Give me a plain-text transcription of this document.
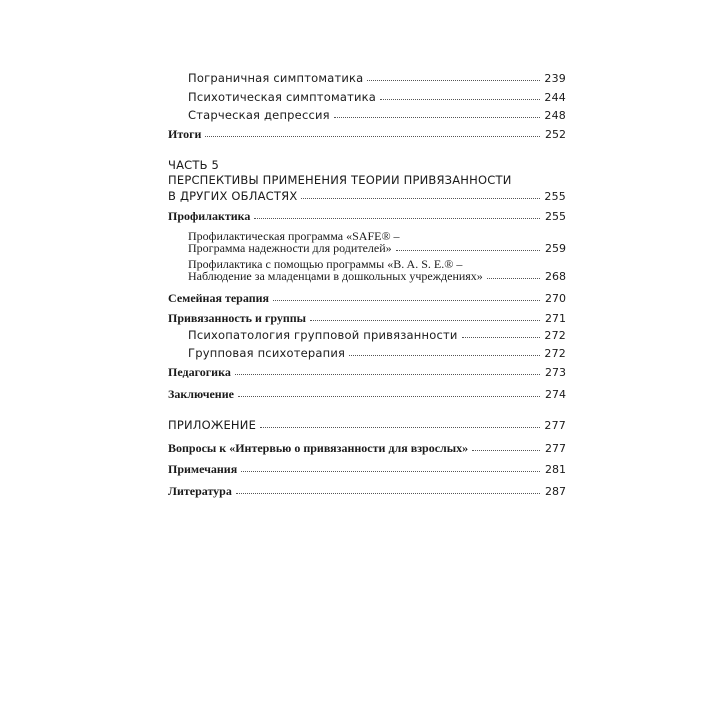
Пограничная симптоматика	239
Психотическая симптоматика	244
Старческая депрессия	248
Итоги	252
ЧАСТЬ 5
ПЕРСПЕКТИВЫ ПРИМЕНЕНИЯ ТЕОРИИ ПРИВЯЗАННОСТИ
В ДРУГИХ ОБЛАСТЯХ	255
Профилактика	255
Профилактическая программа «SAFE® –
Программа надежности для родителей»	259
Профилактика с помощью программы «B. A. S. E.® –
Наблюдение за младенцами в дошкольных учреждениях»	268
Семейная терапия	270
Привязанность и группы	271
Психопатология групповой привязанности	272
Групповая психотерапия	272
Педагогика	273
Заключение	274
ПРИЛОЖЕНИЕ	277
Вопросы к «Интервью о привязанности для взрослых»	277
Примечания	281
Литература	287
